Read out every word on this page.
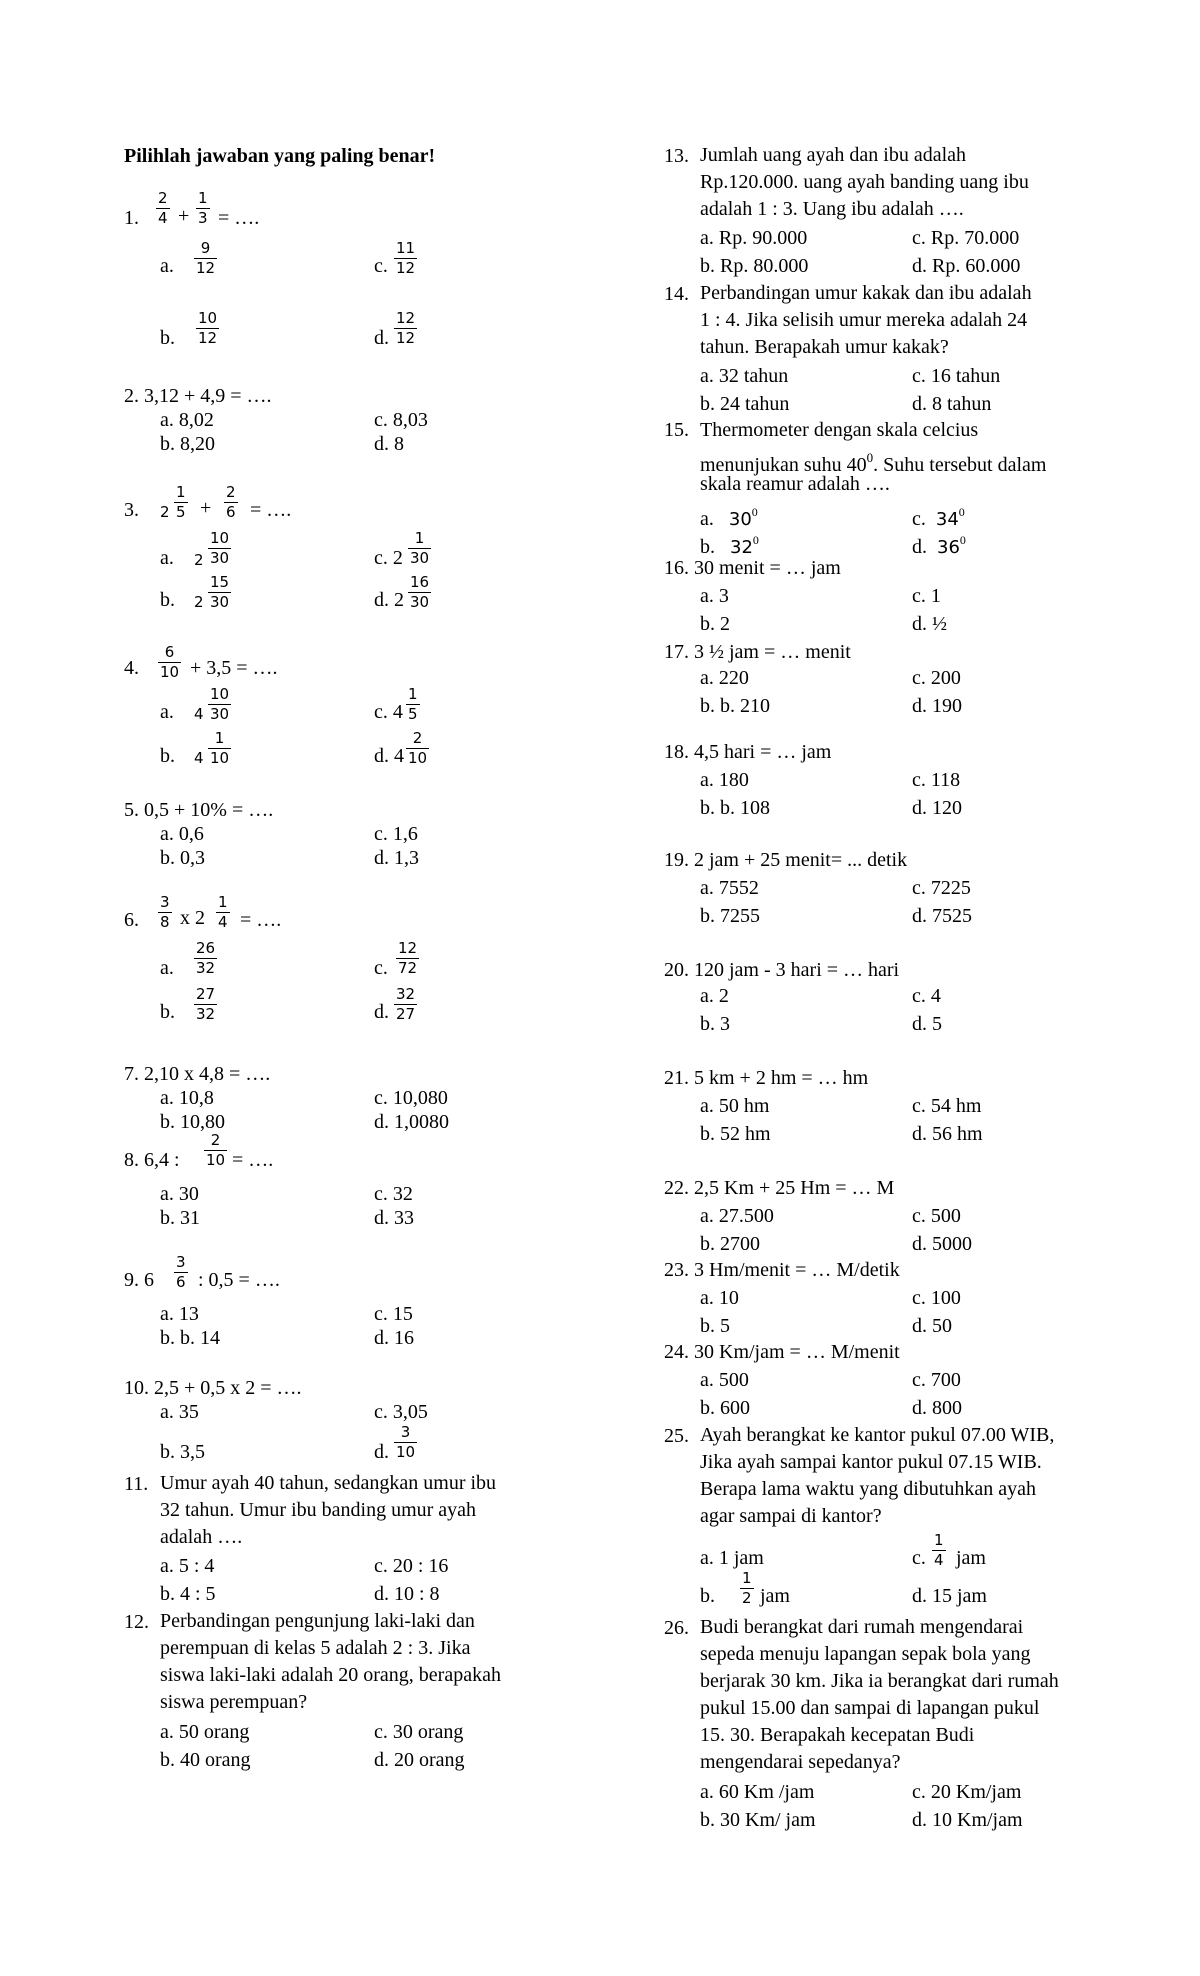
Pilihlah jawaban yang paling benar!
1.
2
4 +
1
3 = ….
a.
9
12	c.
11
12
b.
10
12	d.
12
12
2. 3,12 + 4,9 = ….
a. 8,02	c. 8,03
b. 8,20	d. 8
3. 2
1
5 +
2
6 = ….
a. 2
10
30	c. 2
1
30
b. 2
15
30	d. 2
16
30
4.
6
10 + 3,5 = ….
a. 4
10
30	c. 4
1
5
b. 4
1
10	d. 4
2
10
5. 0,5 + 10% = ….
a. 0,6	c. 1,6
b. 0,3	d. 1,3
6.
3
8 x 2
1
4 = ….
a.
26
32	c.
12
72
b.
27
32	d.
32
27
7. 2,10 x 4,8 = ….
a. 10,8	c. 10,080
b. 10,80	d. 1,0080
8. 6,4 :
2
10 = ….
a. 30	c. 32
b. 31	d. 33
9. 6
3
6 : 0,5 = ….
a. 13	c. 15
b. b. 14	d. 16
10. 2,5 + 0,5 x 2 = ….
a. 35	c. 3,05
b. 3,5	d.
3
10
11. Umur ayah 40 tahun, sedangkan umur ibu
32 tahun. Umur ibu banding umur ayah
adalah ….
a. 5 : 4	c. 20 : 16
b. 4 : 5	d. 10 : 8
12. Perbandingan pengunjung laki-laki dan
perempuan di kelas 5 adalah 2 : 3. Jika
siswa laki-laki adalah 20 orang, berapakah
siswa perempuan?
a. 50 orang	c. 30 orang
b. 40 orang	d. 20 orang
13. Jumlah uang ayah dan ibu adalah
Rp.120.000. uang ayah banding uang ibu
adalah 1 : 3. Uang ibu adalah ….
a. Rp. 90.000	c. Rp. 70.000
b. Rp. 80.000	d. Rp. 60.000
14. Perbandingan umur kakak dan ibu adalah
1 : 4. Jika selisih umur mereka adalah 24
tahun. Berapakah umur kakak?
a. 32 tahun	c. 16 tahun
b. 24 tahun	d. 8 tahun
15. Thermometer dengan skala celcius
menunjukan suhu $40^0$. Suhu tersebut dalam
skala reamur adalah ….
a. $30^0$	c. $34^0$
b. $32^0$	d. $36^0$
16. 30 menit = … jam
a. 3	c. 1
b. 2	d. ½
17. 3 ½ jam = … menit
a. 220	c. 200
b. b. 210	d. 190
18. 4,5 hari = … jam
a. 180	c. 118
b. b. 108	d. 120
19. 2 jam + 25 menit= ... detik
a. 7552	c. 7225
b. 7255	d. 7525
20. 120 jam - 3 hari = … hari
a. 2	c. 4
b. 3	d. 5
21. 5 km + 2 hm = … hm
a. 50 hm	c. 54 hm
b. 52 hm	d. 56 hm
22. 2,5 Km + 25 Hm = … M
a. 27.500	c. 500
b. 2700	d. 5000
23. 3 Hm/menit = … M/detik
a. 10	c. 100
b. 5	d. 50
24. 30 Km/jam = … M/menit
a. 500	c. 700
b. 600	d. 800
25. Ayah berangkat ke kantor pukul 07.00 WIB,
Jika ayah sampai kantor pukul 07.15 WIB.
Berapa lama waktu yang dibutuhkan ayah
agar sampai di kantor?
a. 1 jam	c.
1
4 jam
b.
1
2 jam	d. 15 jam
26. Budi berangkat dari rumah mengendarai
sepeda menuju lapangan sepak bola yang
berjarak 30 km. Jika ia berangkat dari rumah
pukul 15.00 dan sampai di lapangan pukul
15. 30. Berapakah kecepatan Budi
mengendarai sepedanya?
a. 60 Km /jam	c. 20 Km/jam
b. 30 Km/ jam	d. 10 Km/jam
